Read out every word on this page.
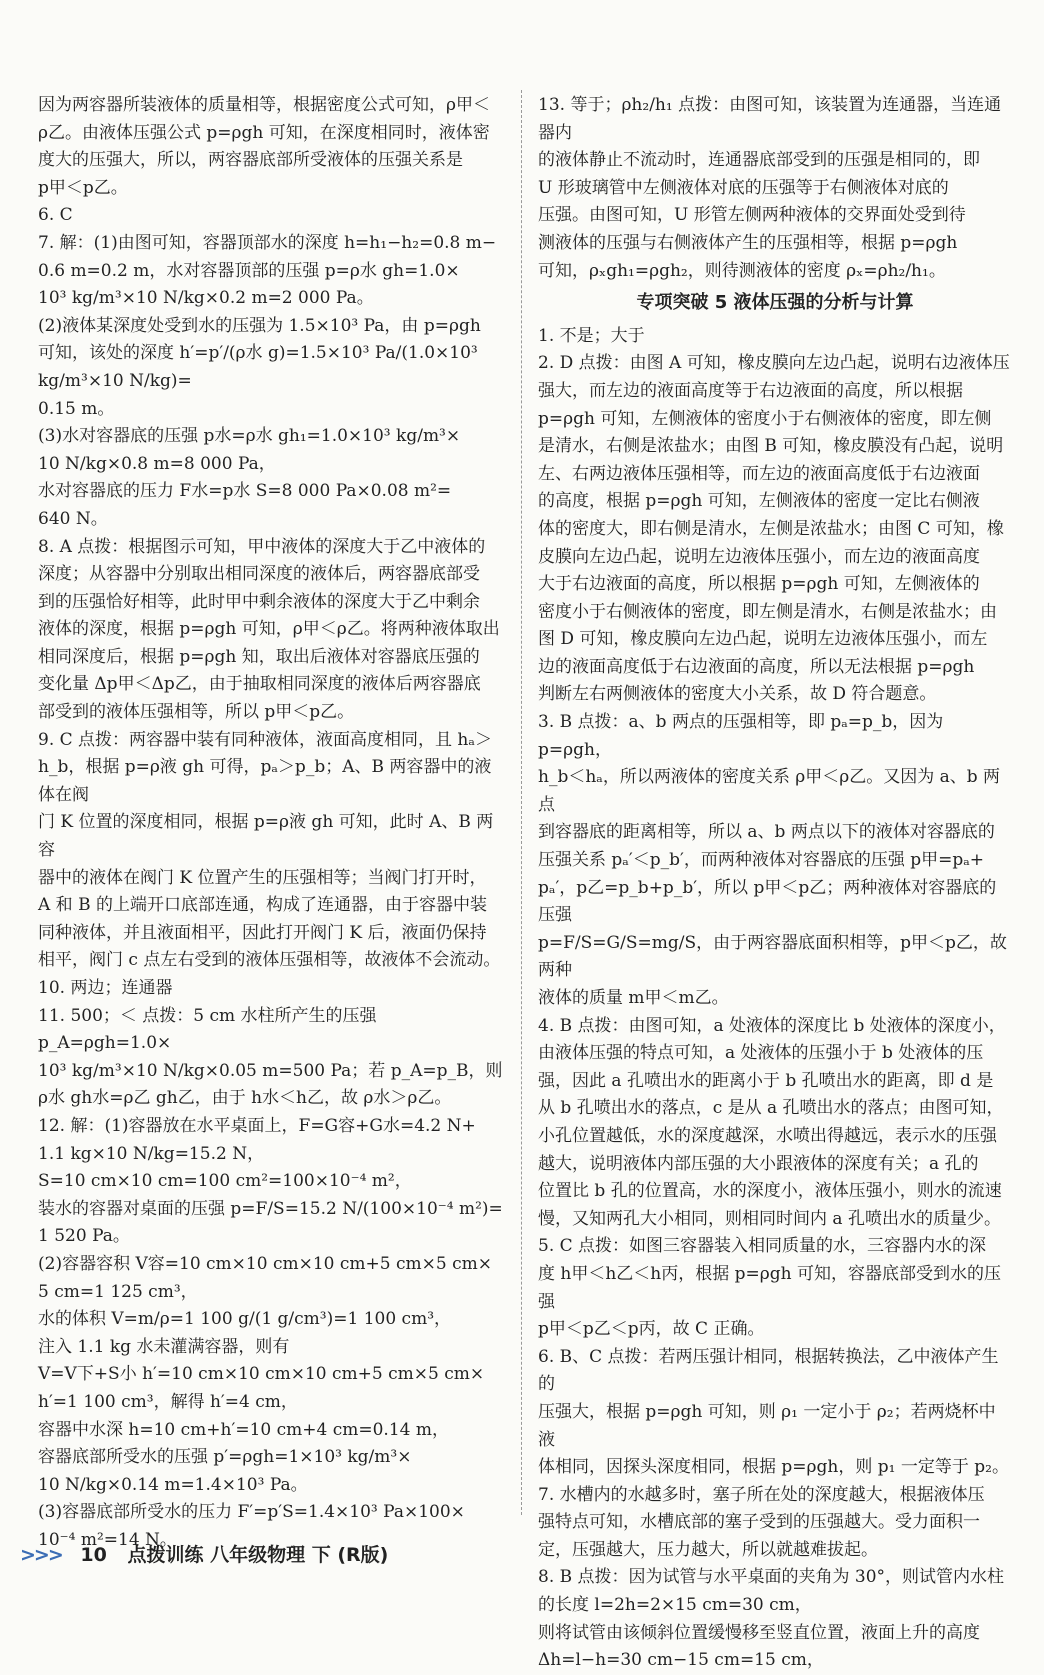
因为两容器所装液体的质量相等，根据密度公式可知，ρ甲＜
ρ乙。由液体压强公式 p=ρgh 可知，在深度相同时，液体密
度大的压强大，所以，两容器底部所受液体的压强关系是
p甲＜p乙。

6. C

7. 解：(1)由图可知，容器顶部水的深度 h=h₁−h₂=0.8 m−
0.6 m=0.2 m，水对容器顶部的压强 p=ρ水 gh=1.0×
10³ kg/m³×10 N/kg×0.2 m=2 000 Pa。
(2)液体某深度处受到水的压强为 1.5×10³ Pa，由 p=ρgh
可知，该处的深度 h′=p′/(ρ水 g)=1.5×10³ Pa/(1.0×10³ kg/m³×10 N/kg)=
0.15 m。
(3)水对容器底的压强 p水=ρ水 gh₁=1.0×10³ kg/m³×
10 N/kg×0.8 m=8 000 Pa，
水对容器底的压力 F水=p水 S=8 000 Pa×0.08 m²=
640 N。

8. A 点拨：根据图示可知，甲中液体的深度大于乙中液体的
深度；从容器中分别取出相同深度的液体后，两容器底部受
到的压强恰好相等，此时甲中剩余液体的深度大于乙中剩余
液体的深度，根据 p=ρgh 可知，ρ甲＜ρ乙。将两种液体取出
相同深度后，根据 p=ρgh 知，取出后液体对容器底压强的
变化量 Δp甲＜Δp乙，由于抽取相同深度的液体后两容器底
部受到的液体压强相等，所以 p甲＜p乙。

9. C 点拨：两容器中装有同种液体，液面高度相同，且 hₐ＞
h_b，根据 p=ρ液 gh 可得，pₐ＞p_b；A、B 两容器中的液体在阀
门 K 位置的深度相同，根据 p=ρ液 gh 可知，此时 A、B 两容
器中的液体在阀门 K 位置产生的压强相等；当阀门打开时，
A 和 B 的上端开口底部连通，构成了连通器，由于容器中装
同种液体，并且液面相平，因此打开阀门 K 后，液面仍保持
相平，阀门 c 点左右受到的液体压强相等，故液体不会流动。

10. 两边；连通器

11. 500；＜ 点拨：5 cm 水柱所产生的压强 p_A=ρgh=1.0×
10³ kg/m³×10 N/kg×0.05 m=500 Pa；若 p_A=p_B，则
ρ水 gh水=ρ乙 gh乙，由于 h水＜h乙，故 ρ水＞ρ乙。

12. 解：(1)容器放在水平桌面上，F=G容+G水=4.2 N+
1.1 kg×10 N/kg=15.2 N，
S=10 cm×10 cm=100 cm²=100×10⁻⁴ m²，
装水的容器对桌面的压强 p=F/S=15.2 N/(100×10⁻⁴ m²)=
1 520 Pa。
(2)容器容积 V容=10 cm×10 cm×10 cm+5 cm×5 cm×
5 cm=1 125 cm³，
水的体积 V=m/ρ=1 100 g/(1 g/cm³)=1 100 cm³，
注入 1.1 kg 水未灌满容器，则有
V=V下+S小 h′=10 cm×10 cm×10 cm+5 cm×5 cm×
h′=1 100 cm³，解得 h′=4 cm，
容器中水深 h=10 cm+h′=10 cm+4 cm=0.14 m，
容器底部所受水的压强 p′=ρgh=1×10³ kg/m³×
10 N/kg×0.14 m=1.4×10³ Pa。
(3)容器底部所受水的压力 F′=p′S=1.4×10³ Pa×100×
10⁻⁴ m²=14 N。

13. 等于；ρh₂/h₁ 点拨：由图可知，该装置为连通器，当连通器内
的液体静止不流动时，连通器底部受到的压强是相同的，即
U 形玻璃管中左侧液体对底的压强等于右侧液体对底的
压强。由图可知，U 形管左侧两种液体的交界面处受到待
测液体的压强与右侧液体产生的压强相等，根据 p=ρgh
可知，ρₓgh₁=ρgh₂，则待测液体的密度 ρₓ=ρh₂/h₁。

专项突破 5 液体压强的分析与计算

1. 不是；大于

2. D 点拨：由图 A 可知，橡皮膜向左边凸起，说明右边液体压
强大，而左边的液面高度等于右边液面的高度，所以根据
p=ρgh 可知，左侧液体的密度小于右侧液体的密度，即左侧
是清水，右侧是浓盐水；由图 B 可知，橡皮膜没有凸起，说明
左、右两边液体压强相等，而左边的液面高度低于右边液面
的高度，根据 p=ρgh 可知，左侧液体的密度一定比右侧液
体的密度大，即右侧是清水，左侧是浓盐水；由图 C 可知，橡
皮膜向左边凸起，说明左边液体压强小，而左边的液面高度
大于右边液面的高度，所以根据 p=ρgh 可知，左侧液体的
密度小于右侧液体的密度，即左侧是清水，右侧是浓盐水；由
图 D 可知，橡皮膜向左边凸起，说明左边液体压强小，而左
边的液面高度低于右边液面的高度，所以无法根据 p=ρgh
判断左右两侧液体的密度大小关系，故 D 符合题意。

3. B 点拨：a、b 两点的压强相等，即 pₐ=p_b，因为 p=ρgh，
h_b＜hₐ，所以两液体的密度关系 ρ甲＜ρ乙。又因为 a、b 两点
到容器底的距离相等，所以 a、b 两点以下的液体对容器底的
压强关系 pₐ′＜p_b′，而两种液体对容器底的压强 p甲=pₐ+
pₐ′，p乙=p_b+p_b′，所以 p甲＜p乙；两种液体对容器底的压强
p=F/S=G/S=mg/S，由于两容器底面积相等，p甲＜p乙，故两种
液体的质量 m甲＜m乙。

4. B 点拨：由图可知，a 处液体的深度比 b 处液体的深度小，
由液体压强的特点可知，a 处液体的压强小于 b 处液体的压
强，因此 a 孔喷出水的距离小于 b 孔喷出水的距离，即 d 是
从 b 孔喷出水的落点，c 是从 a 孔喷出水的落点；由图可知，
小孔位置越低，水的深度越深，水喷出得越远，表示水的压强
越大，说明液体内部压强的大小跟液体的深度有关；a 孔的
位置比 b 孔的位置高，水的深度小，液体压强小，则水的流速
慢，又知两孔大小相同，则相同时间内 a 孔喷出水的质量少。

5. C 点拨：如图三容器装入相同质量的水，三容器内水的深
度 h甲＜h乙＜h丙，根据 p=ρgh 可知，容器底部受到水的压强
p甲＜p乙＜p丙，故 C 正确。

6. B、C 点拨：若两压强计相同，根据转换法，乙中液体产生的
压强大，根据 p=ρgh 可知，则 ρ₁ 一定小于 ρ₂；若两烧杯中液
体相同，因探头深度相同，根据 p=ρgh，则 p₁ 一定等于 p₂。

7. 水槽内的水越多时，塞子所在处的深度越大，根据液体压
强特点可知，水槽底部的塞子受到的压强越大。受力面积一
定，压强越大，压力越大，所以就越难拔起。

8. B 点拨：因为试管与水平桌面的夹角为 30°，则试管内水柱
的长度 l=2h=2×15 cm=30 cm，
则将试管由该倾斜位置缓慢移至竖直位置，液面上升的高度
Δh=l−h=30 cm−15 cm=15 cm，

>>> 10 点拨训练 八年级物理 下 (R版)
